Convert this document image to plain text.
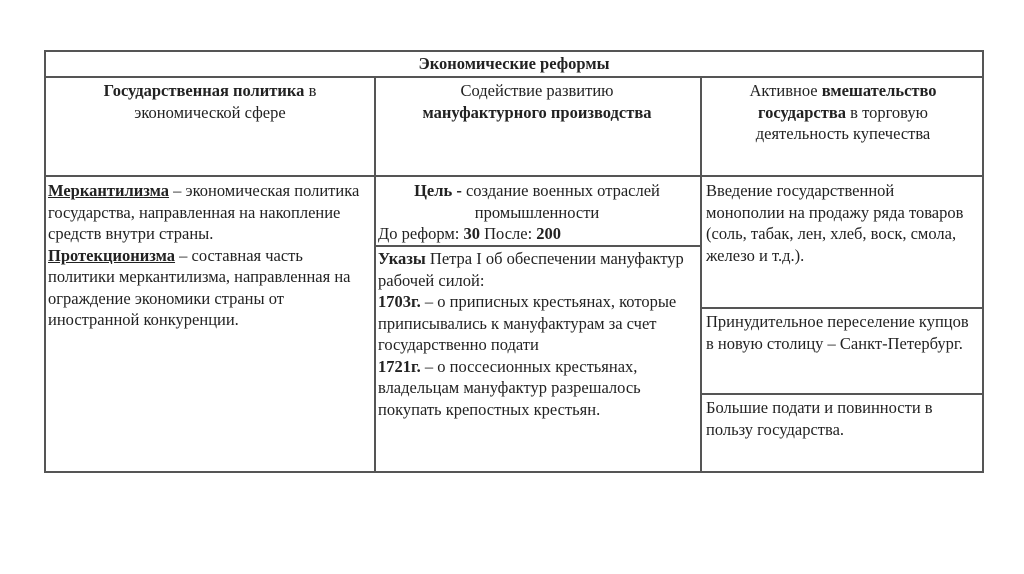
Экономические реформы
Государственная политика в экономической сфере
Содействие развитию
мануфактурного производства
Активное вмешательство государства в торговую деятельность купечества
Меркантилизма – экономическая политика государства, направленная на накопление средств внутри страны.
Протекционизма – составная часть политики меркантилизма, направленная на ограждение экономики страны от иностранной конкуренции.
Цель - создание военных отраслей промышленности
До реформ: 30 После: 200
Указы Петра I об обеспечении мануфактур рабочей силой:
1703г. – о приписных крестьянах, которые приписывались к мануфактурам за счет государственно подати
1721г. – о поссесионных крестьянах, владельцам мануфактур разрешалось покупать крепостных крестьян.
Введение государственной монополии на продажу ряда товаров (соль, табак, лен, хлеб, воск, смола, железо и т.д.).
Принудительное переселение купцов в новую столицу – Санкт-Петербург.
Большие подати и повинности в пользу государства.
